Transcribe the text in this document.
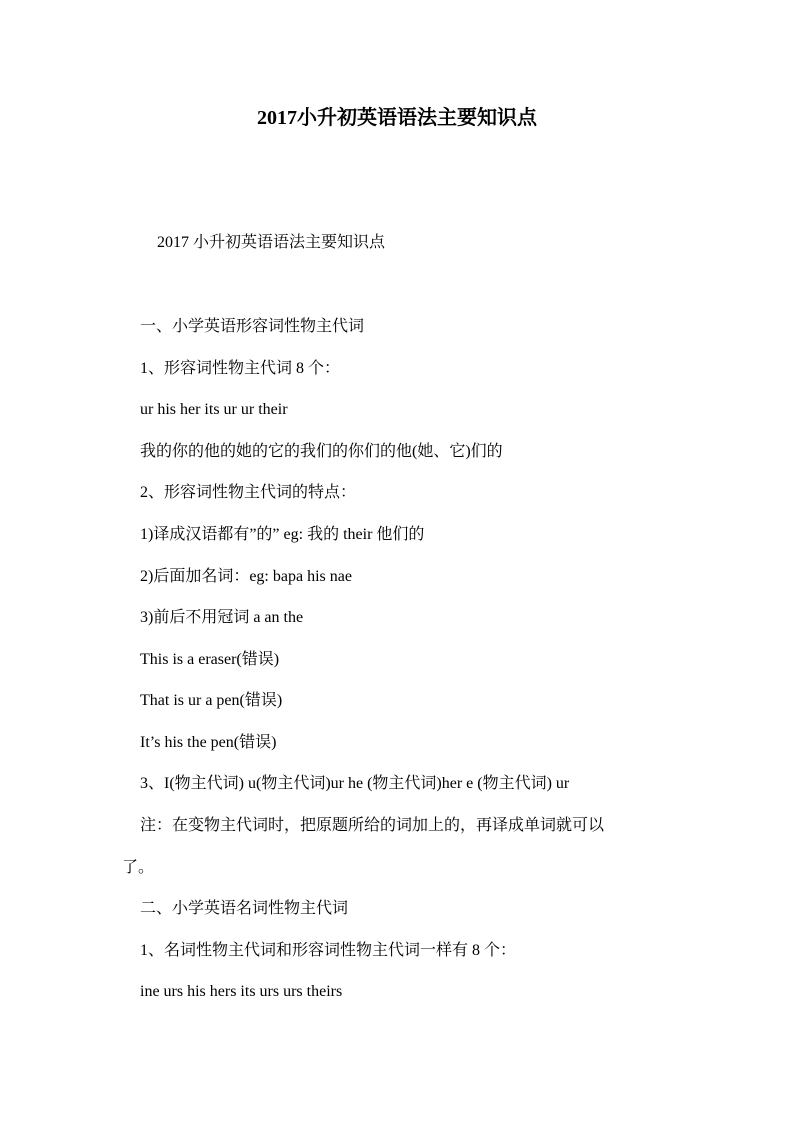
2017小升初英语语法主要知识点
2017 小升初英语语法主要知识点
一、小学英语形容词性物主代词
1、形容词性物主代词 8 个：
ur his her its ur ur their
我的你的他的她的它的我们的你们的他(她、它)们的
2、形容词性物主代词的特点：
1)译成汉语都有”的” eg: 我的 their 他们的
2)后面加名词：eg: bapa his nae
3)前后不用冠词 a an the
This is a eraser(错误)
That is ur a pen(错误)
It’s his the pen(错误)
3、I(物主代词) u(物主代词)ur he (物主代词)her e (物主代词) ur
注：在变物主代词时，把原题所给的词加上的，再译成单词就可以
了。
二、小学英语名词性物主代词
1、名词性物主代词和形容词性物主代词一样有 8 个：
ine urs his hers its urs urs theirs
